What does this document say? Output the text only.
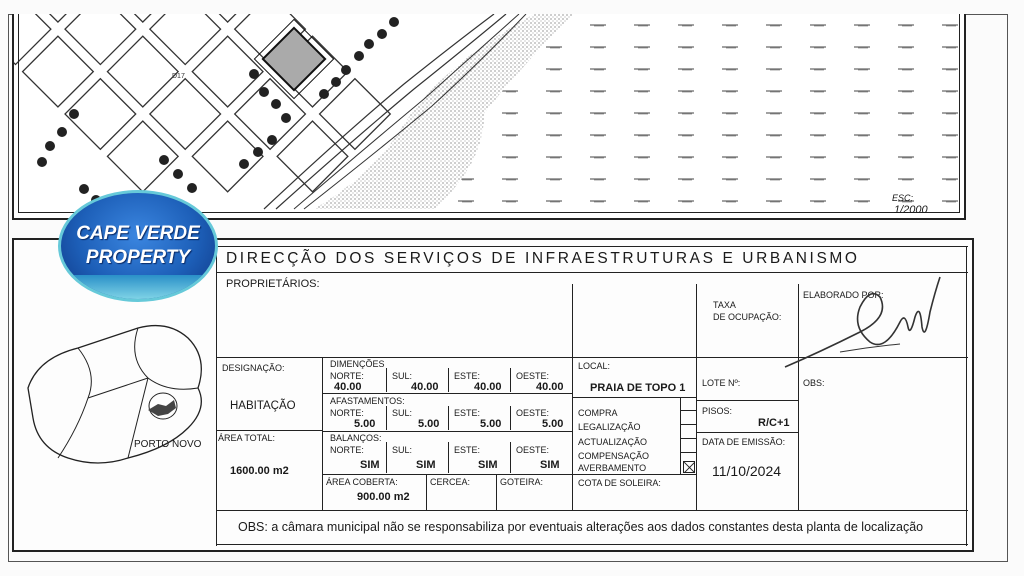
D17
ESC:
1/2000
DIRECÇÃO DOS SERVIÇOS DE INFRAESTRUTURAS E URBANISMO
PORTO NOVO
CAPE VERDE
PROPERTY
PROPRIETÁRIOS:
TAXA
DE OCUPAÇÃO:
ELABORADO POR:
DESIGNAÇÃO:
HABITAÇÃO
ÁREA TOTAL:
1600.00 m2
DIMENÇÕES
NORTE:
40.00
SUL:
40.00
ESTE:
40.00
OESTE:
40.00
AFASTAMENTOS:
NORTE:
5.00
SUL:
5.00
ESTE:
5.00
OESTE:
5.00
BALANÇOS:
NORTE:
SIM
SUL:
SIM
ESTE:
SIM
OESTE:
SIM
ÁREA COBERTA:
900.00 m2
CERCEA:	GOTEIRA:
LOCAL:
PRAIA DE TOPO 1
COMPRA
LEGALIZAÇÃO
ACTUALIZAÇÃO
COMPENSAÇÃO
AVERBAMENTO
COTA DE SOLEIRA:
LOTE Nº:
PISOS:
R/C+1
DATA DE EMISSÃO:
11/10/2024
OBS:
OBS: a câmara municipal não se responsabiliza por eventuais alterações aos dados constantes desta planta de localização
